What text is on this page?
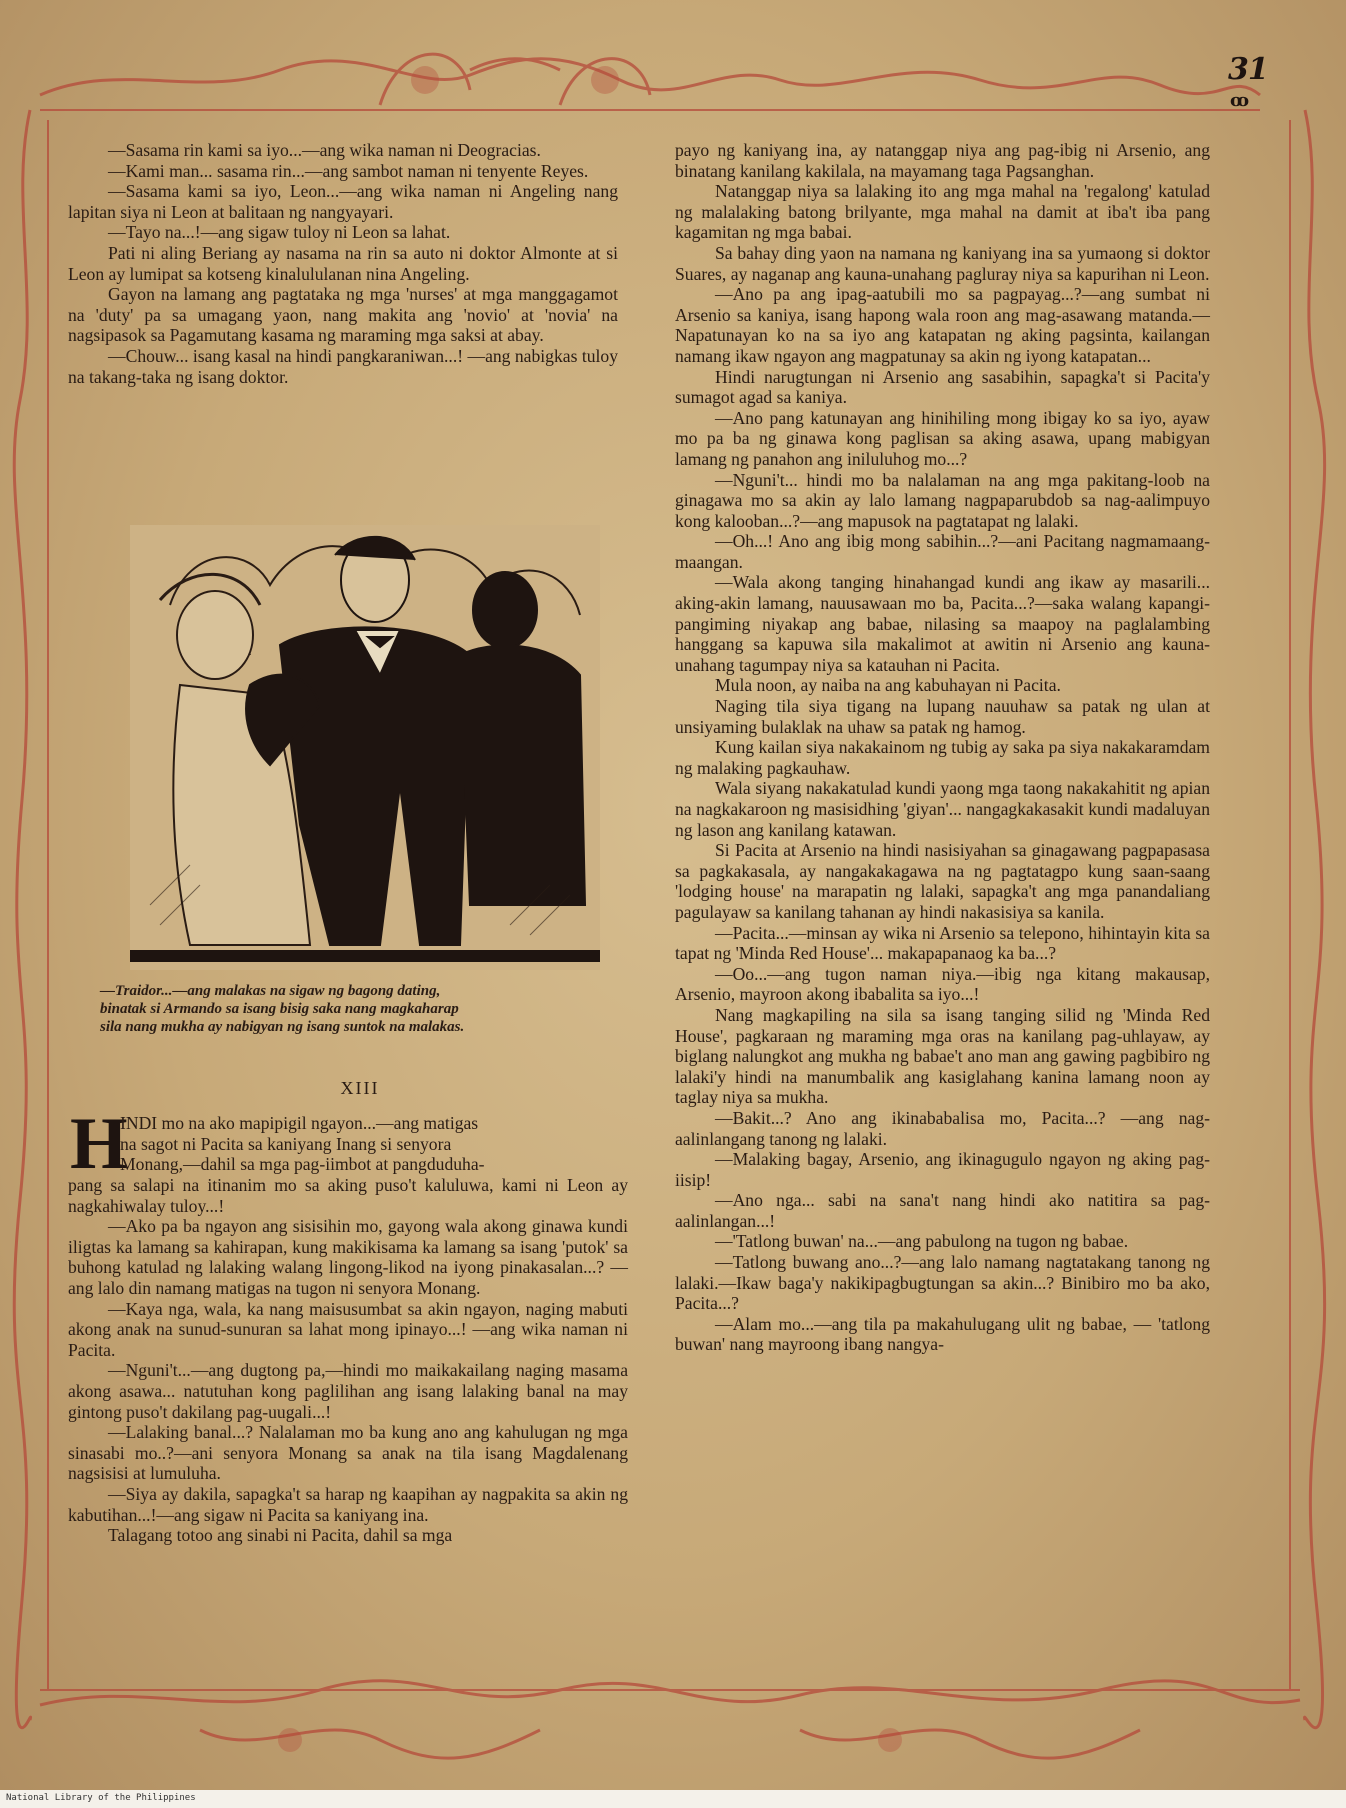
31
ꝏ

—Sasama rin kami sa iyo...—ang wika naman ni Deogracias.

—Kami man... sasama rin...—ang sambot naman ni tenyente Reyes.

—Sasama kami sa iyo, Leon...—ang wika naman ni Angeling nang lapitan siya ni Leon at balitaan ng nangyayari.

—Tayo na...!—ang sigaw tuloy ni Leon sa lahat.

Pati ni aling Beriang ay nasama na rin sa auto ni doktor Almonte at si Leon ay lumipat sa kotseng kinalululanan nina Angeling.

Gayon na lamang ang pagtataka ng mga 'nurses' at mga manggagamot na 'duty' pa sa umagang yaon, nang makita ang 'novio' at 'novia' na nagsipasok sa Pagamutang kasama ng maraming mga saksi at abay.

—Chouw... isang kasal na hindi pangkaraniwan...! —ang nabigkas tuloy na takang-taka ng isang doktor.

—Traidor...—ang malakas na sigaw ng bagong dating,
binatak si Armando sa isang bisig saka nang magkaharap
sila nang mukha ay nabigyan ng isang suntok na malakas.
XIII
H
INDI mo na ako mapipigil ngayon...—ang matigas
na sagot ni Pacita sa kaniyang Inang si senyora
Monang,—dahil sa mga pag-iimbot at pangduduha-

pang sa salapi na itinanim mo sa aking puso't kaluluwa, kami ni Leon ay nagkahiwalay tuloy...!

—Ako pa ba ngayon ang sisisihin mo, gayong wala akong ginawa kundi iligtas ka lamang sa kahirapan, kung makikisama ka lamang sa isang 'putok' sa buhong katulad ng lalaking walang lingong-likod na iyong pinakasalan...? —ang lalo din namang matigas na tugon ni senyora Monang.

—Kaya nga, wala, ka nang maisusumbat sa akin ngayon, naging mabuti akong anak na sunud-sunuran sa lahat mong ipinayo...! —ang wika naman ni Pacita.

—Nguni't...—ang dugtong pa,—hindi mo maikakailang naging masama akong asawa... natutuhan kong paglilihan ang isang lalaking banal na may gintong puso't dakilang pag-uugali...!

—Lalaking banal...? Nalalaman mo ba kung ano ang kahulugan ng mga sinasabi mo..?—ani senyora Monang sa anak na tila isang Magdalenang nagsisisi at lumuluha.

—Siya ay dakila, sapagka't sa harap ng kaapihan ay nagpakita sa akin ng kabutihan...!—ang sigaw ni Pacita sa kaniyang ina.

Talagang totoo ang sinabi ni Pacita, dahil sa mga

payo ng kaniyang ina, ay natanggap niya ang pag-ibig ni Arsenio, ang binatang kanilang kakilala, na mayamang taga Pagsanghan.

Natanggap niya sa lalaking ito ang mga mahal na 'regalong' katulad ng malalaking batong brilyante, mga mahal na damit at iba't iba pang kagamitan ng mga babai.

Sa bahay ding yaon na namana ng kaniyang ina sa yumaong si doktor Suares, ay naganap ang kauna-unahang pagluray niya sa kapurihan ni Leon.

—Ano pa ang ipag-aatubili mo sa pagpayag...?—ang sumbat ni Arsenio sa kaniya, isang hapong wala roon ang mag-asawang matanda.—Napatunayan ko na sa iyo ang katapatan ng aking pagsinta, kailangan namang ikaw ngayon ang magpatunay sa akin ng iyong katapatan...

Hindi narugtungan ni Arsenio ang sasabihin, sapagka't si Pacita'y sumagot agad sa kaniya.

—Ano pang katunayan ang hinihiling mong ibigay ko sa iyo, ayaw mo pa ba ng ginawa kong paglisan sa aking asawa, upang mabigyan lamang ng panahon ang iniluluhog mo...?

—Nguni't... hindi mo ba nalalaman na ang mga pakitang-loob na ginagawa mo sa akin ay lalo lamang nagpaparubdob sa nag-aalimpuyo kong kalooban...?—ang mapusok na pagtatapat ng lalaki.

—Oh...! Ano ang ibig mong sabihin...?—ani Pacitang nagmamaang-maangan.

—Wala akong tanging hinahangad kundi ang ikaw ay masarili... aking-akin lamang, nauusawaan mo ba, Pacita...?—saka walang kapangi-pangiming niyakap ang babae, nilasing sa maapoy na paglalambing hanggang sa kapuwa sila makalimot at awitin ni Arsenio ang kauna-unahang tagumpay niya sa katauhan ni Pacita.

Mula noon, ay naiba na ang kabuhayan ni Pacita.

Naging tila siya tigang na lupang nauuhaw sa patak ng ulan at unsiyaming bulaklak na uhaw sa patak ng hamog.

Kung kailan siya nakakainom ng tubig ay saka pa siya nakakaramdam ng malaking pagkauhaw.

Wala siyang nakakatulad kundi yaong mga taong nakakahitit ng apian na nagkakaroon ng masisidhing 'giyan'... nangagkakasakit kundi madaluyan ng lason ang kanilang katawan.

Si Pacita at Arsenio na hindi nasisiyahan sa ginagawang pagpapasasa sa pagkakasala, ay nangakakagawa na ng pagtatagpo kung saan-saang 'lodging house' na marapatin ng lalaki, sapagka't ang mga panandaliang pagulayaw sa kanilang tahanan ay hindi nakasisiya sa kanila.

—Pacita...—minsan ay wika ni Arsenio sa telepono, hihintayin kita sa tapat ng 'Minda Red House'... makapapanaog ka ba...?

—Oo...—ang tugon naman niya.—ibig nga kitang makausap, Arsenio, mayroon akong ibabalita sa iyo...!

Nang magkapiling na sila sa isang tanging silid ng 'Minda Red House', pagkaraan ng maraming mga oras na kanilang pag-uhlayaw, ay biglang nalungkot ang mukha ng babae't ano man ang gawing pagbibiro ng lalaki'y hindi na manumbalik ang kasiglahang kanina lamang noon ay taglay niya sa mukha.

—Bakit...? Ano ang ikinababalisa mo, Pacita...? —ang nag-aalinlangang tanong ng lalaki.

—Malaking bagay, Arsenio, ang ikinagugulo ngayon ng aking pag-iisip!

—Ano nga... sabi na sana't nang hindi ako natitira sa pag-aalinlangan...!

—'Tatlong buwan' na...—ang pabulong na tugon ng babae.

—Tatlong buwang ano...?—ang lalo namang nagtatakang tanong ng lalaki.—Ikaw baga'y nakikipagbugtungan sa akin...? Binibiro mo ba ako, Pacita...?

—Alam mo...—ang tila pa makahulugang ulit ng babae, — 'tatlong buwan' nang mayroong ibang nangya-

National Library of the Philippines
